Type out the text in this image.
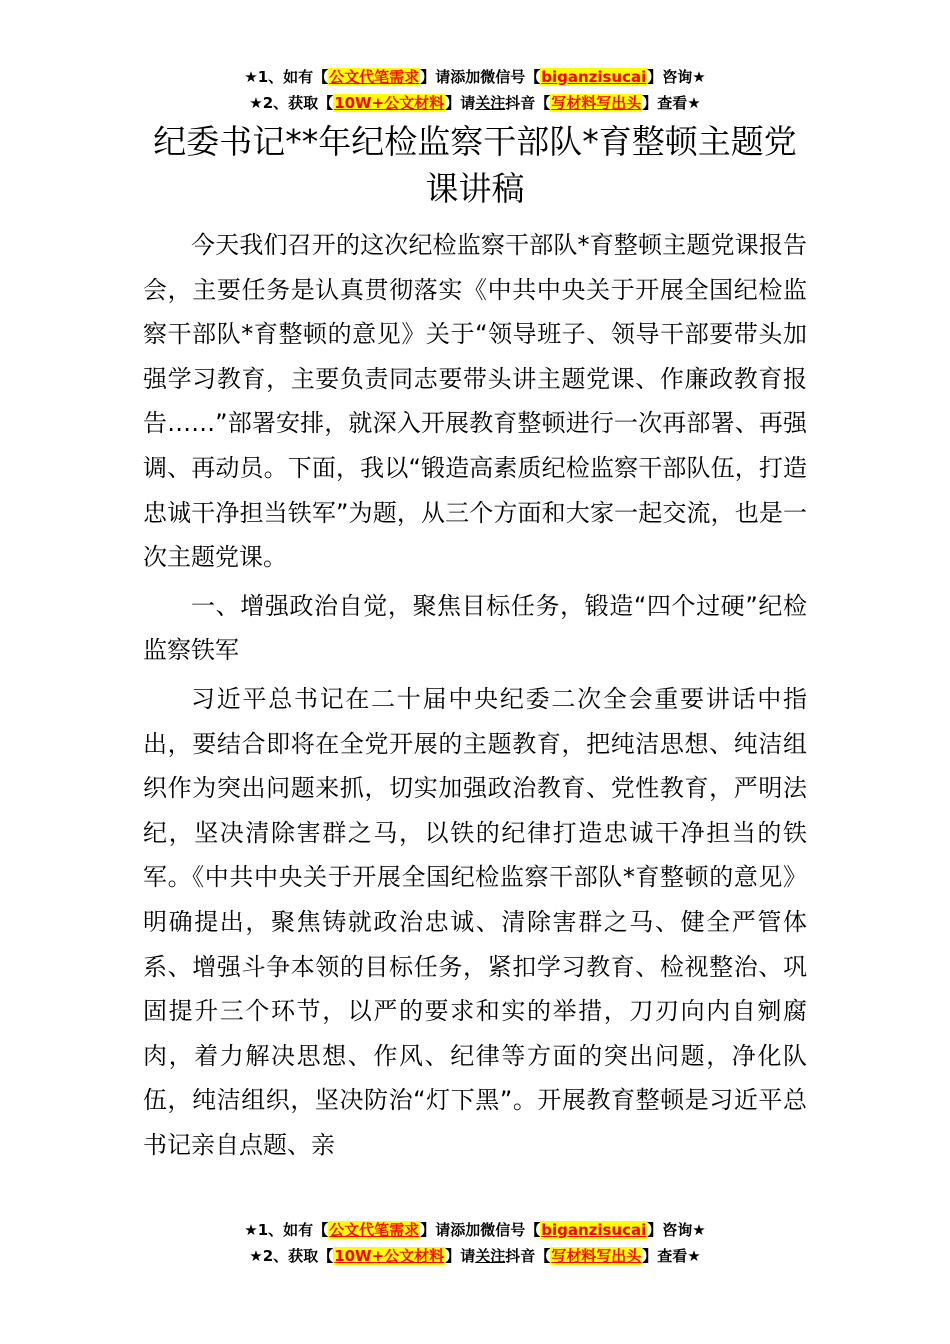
★1、如有【公文代笔需求】请添加微信号【biganzisucai】咨询★
★2、获取【10W+公文材料】请关注抖音【写材料写出头】查看★
纪委书记**年纪检监察干部队*育整顿主题党课讲稿

今天我们召开的这次纪检监察干部队*育整顿主题党课报告会，主要任务是认真贯彻落实《中共中央关于开展全国纪检监察干部队*育整顿的意见》关于“领导班子、领导干部要带头加强学习教育，主要负责同志要带头讲主题党课、作廉政教育报告……”部署安排，就深入开展教育整顿进行一次再部署、再强调、再动员。下面，我以“锻造高素质纪检监察干部队伍，打造忠诚干净担当铁军”为题，从三个方面和大家一起交流，也是一次主题党课。

一、增强政治自觉，聚焦目标任务，锻造“四个过硬”纪检监察铁军

习近平总书记在二十届中央纪委二次全会重要讲话中指出，要结合即将在全党开展的主题教育，把纯洁思想、纯洁组织作为突出问题来抓，切实加强政治教育、党性教育，严明法纪，坚决清除害群之马，以铁的纪律打造忠诚干净担当的铁军。《中共中央关于开展全国纪检监察干部队*育整顿的意见》明确提出，聚焦铸就政治忠诚、清除害群之马、健全严管体系、增强斗争本领的目标任务，紧扣学习教育、检视整治、巩固提升三个环节，以严的要求和实的举措，刀刃向内自剜腐肉，着力解决思想、作风、纪律等方面的突出问题，净化队伍，纯洁组织，坚决防治“灯下黑”。开展教育整顿是习近平总书记亲自点题、亲

★1、如有【公文代笔需求】请添加微信号【biganzisucai】咨询★
★2、获取【10W+公文材料】请关注抖音【写材料写出头】查看★
